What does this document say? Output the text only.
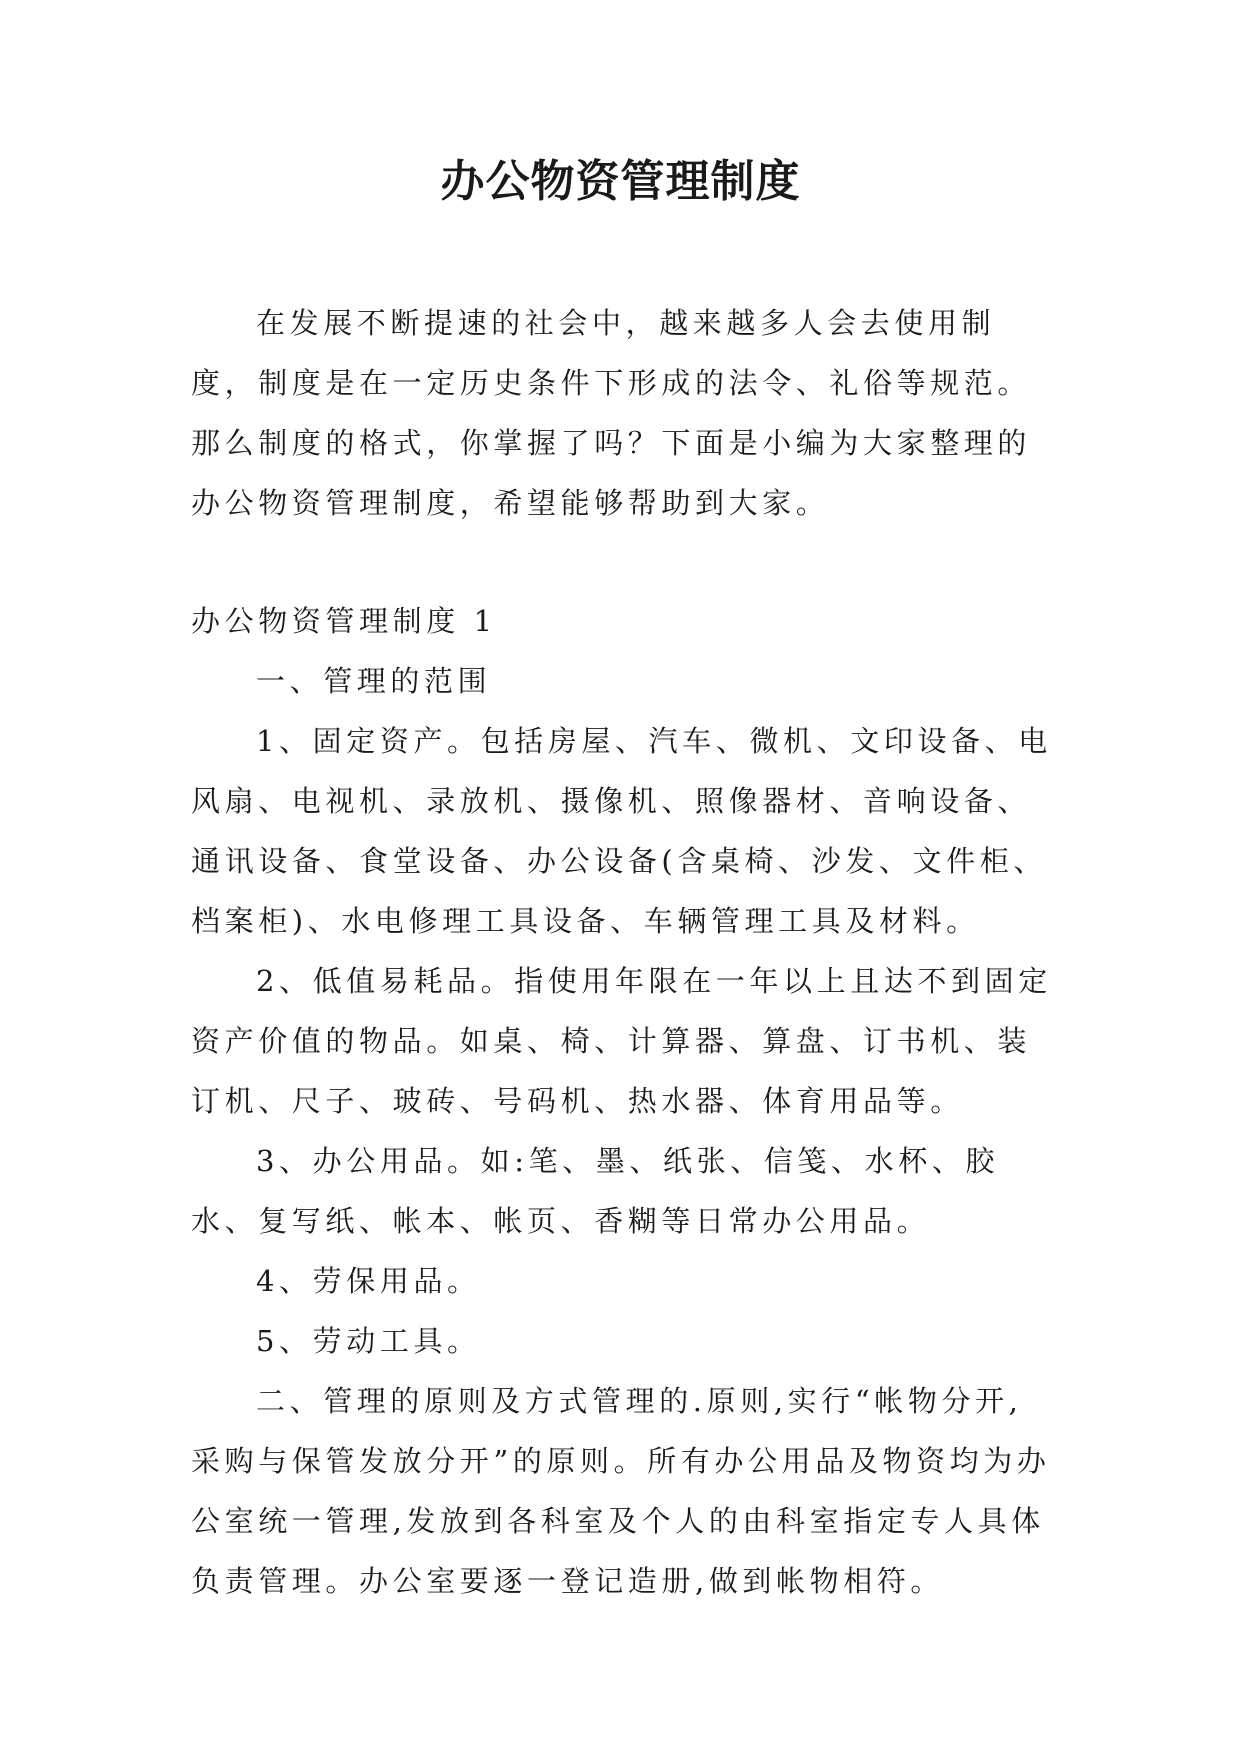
办公物资管理制度

在发展不断提速的社会中，越来越多人会去使用制度，制度是在一定历史条件下形成的法令、礼俗等规范。那么制度的格式，你掌握了吗？下面是小编为大家整理的办公物资管理制度，希望能够帮助到大家。

办公物资管理制度 1

一、管理的范围

1、固定资产。包括房屋、汽车、微机、文印设备、电风扇、电视机、录放机、摄像机、照像器材、音响设备、通讯设备、食堂设备、办公设备(含桌椅、沙发、文件柜、档案柜)、水电修理工具设备、车辆管理工具及材料。

2、低值易耗品。指使用年限在一年以上且达不到固定资产价值的物品。如桌、椅、计算器、算盘、订书机、装订机、尺子、玻砖、号码机、热水器、体育用品等。

3、办公用品。如:笔、墨、纸张、信笺、水杯、胶水、复写纸、帐本、帐页、香糊等日常办公用品。

4、劳保用品。

5、劳动工具。

二、管理的原则及方式管理的.原则,实行“帐物分开,采购与保管发放分开”的原则。所有办公用品及物资均为办公室统一管理,发放到各科室及个人的由科室指定专人具体负责管理。办公室要逐一登记造册,做到帐物相符。
